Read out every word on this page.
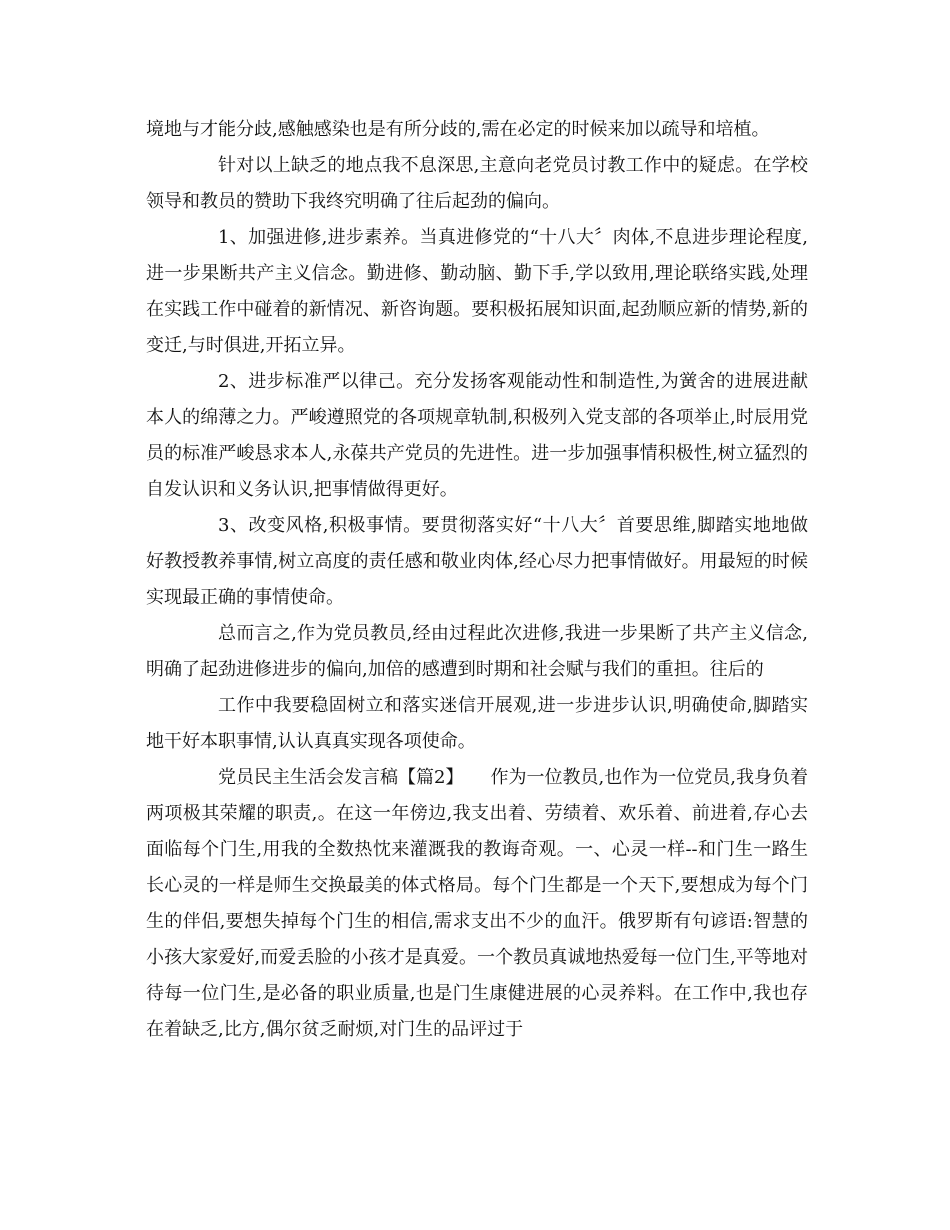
境地与才能分歧,感触感染也是有所分歧的,需在必定的时候来加以疏导和培植。

针对以上缺乏的地点我不息深思,主意向老党员讨教工作中的疑虑。在学校领导和教员的赞助下我终究明确了往后起劲的偏向。

1、加强进修,进步素养。当真进修党的“十八大〞肉体,不息进步理论程度,进一步果断共产主义信念。勤进修、勤动脑、勤下手,学以致用,理论联络实践,处理在实践工作中碰着的新情况、新咨询题。要积极拓展知识面,起劲顺应新的情势,新的变迁,与时俱进,开拓立异。

2、进步标准严以律己。充分发扬客观能动性和制造性,为黉舍的进展进献本人的绵薄之力。严峻遵照党的各项规章轨制,积极列入党支部的各项举止,时辰用党员的标准严峻恳求本人,永葆共产党员的先进性。进一步加强事情积极性,树立猛烈的自发认识和义务认识,把事情做得更好。

3、改变风格,积极事情。要贯彻落实好“十八大〞首要思维,脚踏实地地做好教授教养事情,树立高度的责任感和敬业肉体,经心尽力把事情做好。用最短的时候实现最正确的事情使命。

总而言之,作为党员教员,经由过程此次进修,我进一步果断了共产主义信念,明确了起劲进修进步的偏向,加倍的感遭到时期和社会赋与我们的重担。往后的

工作中我要稳固树立和落实迷信开展观,进一步进步认识,明确使命,脚踏实地干好本职事情,认认真真实现各项使命。

党员民主生活会发言稿【篇2】　　作为一位教员,也作为一位党员,我身负着两项极其荣耀的职责,。在这一年傍边,我支出着、劳绩着、欢乐着、前进着,存心去面临每个门生,用我的全数热忱来灌溉我的教诲奇观。一、心灵一样--和门生一路生长心灵的一样是师生交换最美的体式格局。每个门生都是一个天下,要想成为每个门生的伴侣,要想失掉每个门生的相信,需求支出不少的血汗。俄罗斯有句谚语:智慧的小孩大家爱好,而爱丢脸的小孩才是真爱。一个教员真诚地热爱每一位门生,平等地对待每一位门生,是必备的职业质量,也是门生康健进展的心灵养料。在工作中,我也存在着缺乏,比方,偶尔贫乏耐烦,对门生的品评过于
